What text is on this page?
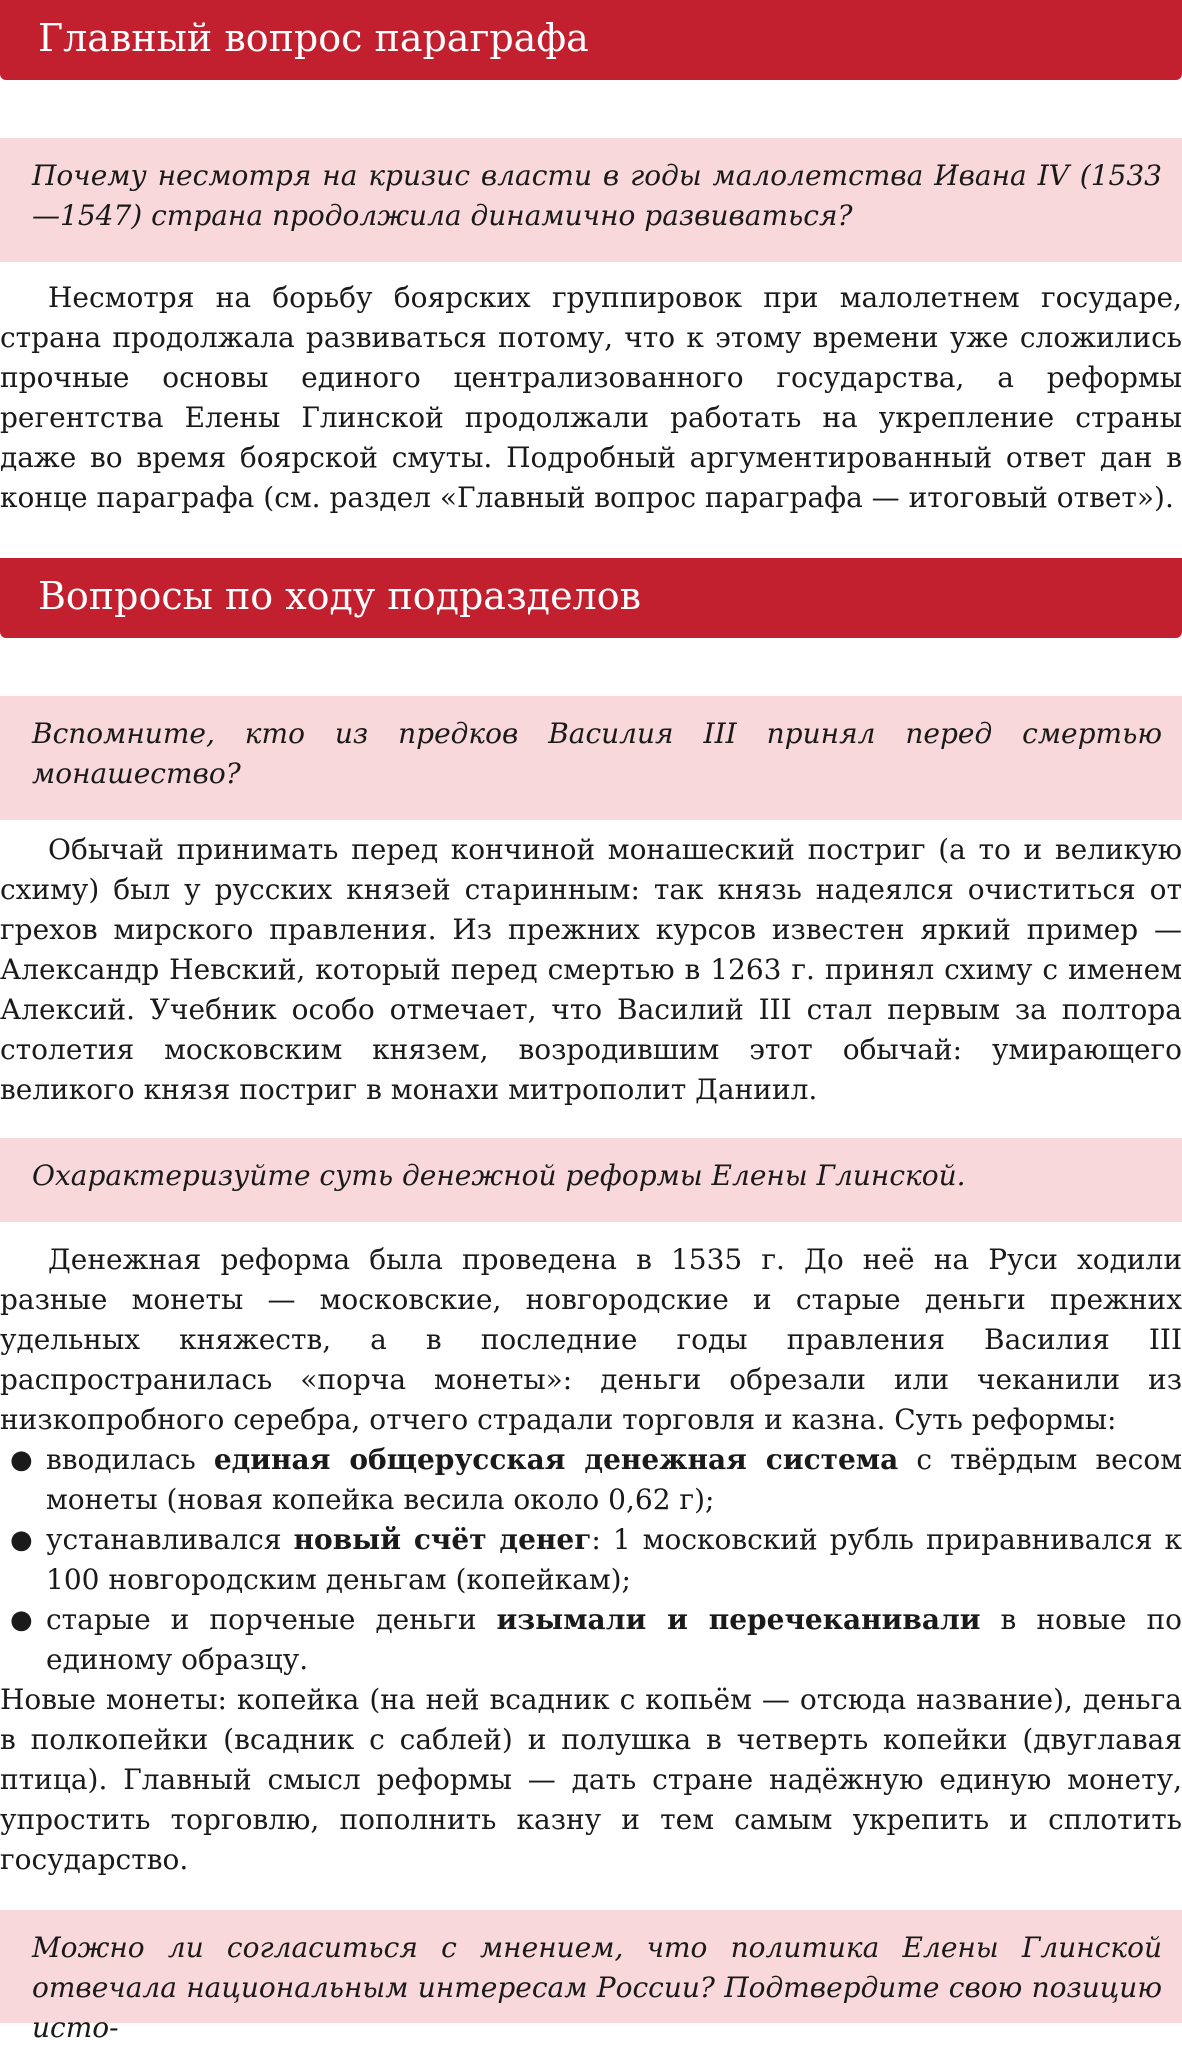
Главный вопрос параграфа

Почему несмотря на кризис власти в годы малолетства Ивана IV (1533—1547) страна продолжила динамично развиваться?

Несмотря на борьбу боярских группировок при малолетнем государе, страна продолжала развиваться потому, что к этому времени уже сложились прочные основы единого централизованного государства, а реформы регентства Елены Глинской продолжали работать на укрепление страны даже во время боярской смуты. Подробный аргументированный ответ дан в конце параграфа (см. раздел «Главный вопрос параграфа — итоговый ответ»).

Вопросы по ходу подразделов

Вспомните, кто из предков Василия III принял перед смертью монашество?

Обычай принимать перед кончиной монашеский постриг (а то и великую схиму) был у русских князей старинным: так князь надеялся очиститься от грехов мирского правления. Из прежних курсов известен яркий пример — Александр Невский, который перед смертью в 1263 г. принял схиму с именем Алексий. Учебник особо отмечает, что Василий III стал первым за полтора столетия московским князем, возродившим этот обычай: умирающего великого князя постриг в монахи митрополит Даниил.

Охарактеризуйте суть денежной реформы Елены Глинской.

Денежная реформа была проведена в 1535 г. До неё на Руси ходили разные монеты — московские, новгородские и старые деньги прежних удельных княжеств, а в последние годы правления Василия III распространилась «порча монеты»: деньги обрезали или чеканили из низкопробного серебра, отчего страдали торговля и казна. Суть реформы:

● вводилась единая общерусская денежная система с твёрдым весом монеты (новая копейка весила около 0,62 г);
● устанавливался новый счёт денег: 1 московский рубль приравнивался к 100 новгородским деньгам (копейкам);
● старые и порченые деньги изымали и перечеканивали в новые по единому образцу.

Новые монеты: копейка (на ней всадник с копьём — отсюда название), деньга в полкопейки (всадник с саблей) и полушка в четверть копейки (двуглавая птица). Главный смысл реформы — дать стране надёжную единую монету, упростить торговлю, пополнить казну и тем самым укрепить и сплотить государство.

Можно ли согласиться с мнением, что политика Елены Глинской отвечала национальным интересам России? Подтвердите свою позицию исто-
